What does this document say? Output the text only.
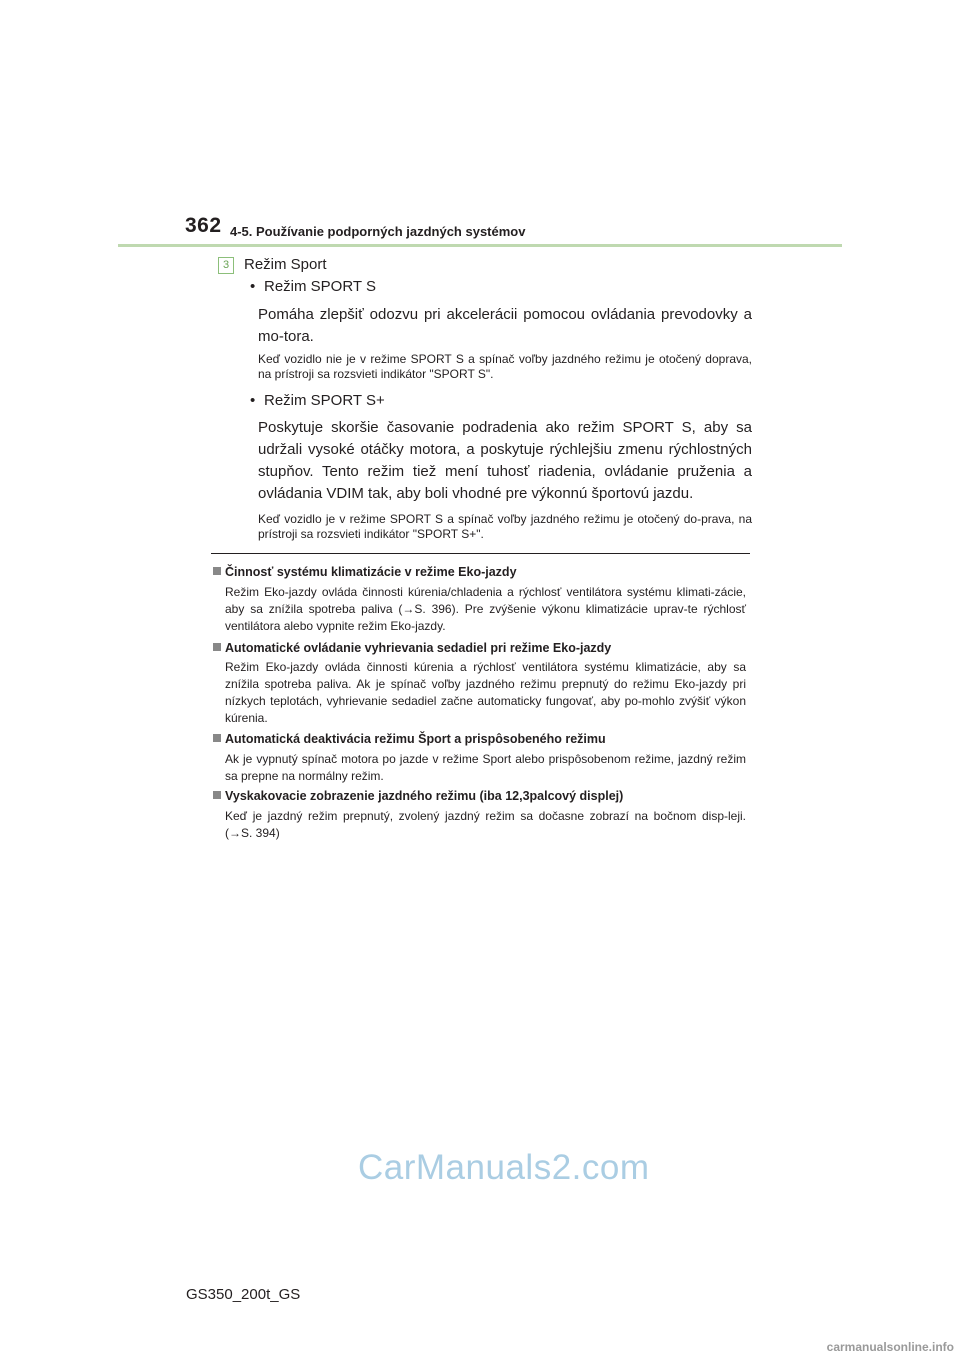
362 4-5. Používanie podporných jazdných systémov
3 Režim Sport
• Režim SPORT S
Pomáha zlepšiť odozvu pri akcelerácii pomocou ovládania prevodovky a mo-tora.
Keď vozidlo nie je v režime SPORT S a spínač voľby jazdného režimu je otočený doprava, na prístroji sa rozsvieti indikátor "SPORT S".
• Režim SPORT S+
Poskytuje skoršie časovanie podradenia ako režim SPORT S, aby sa udržali vysoké otáčky motora, a poskytuje rýchlejšiu zmenu rýchlostných stupňov. Tento režim tiež mení tuhosť riadenia, ovládanie pruženia a ovládania VDIM tak, aby boli vhodné pre výkonnú športovú jazdu.
Keď vozidlo je v režime SPORT S a spínač voľby jazdného režimu je otočený do-prava, na prístroji sa rozsvieti indikátor "SPORT S+".
Činnosť systému klimatizácie v režime Eko-jazdy
Režim Eko-jazdy ovláda činnosti kúrenia/chladenia a rýchlosť ventilátora systému klimati-zácie, aby sa znížila spotreba paliva (→S. 396). Pre zvýšenie výkonu klimatizácie uprav-te rýchlosť ventilátora alebo vypnite režim Eko-jazdy.
Automatické ovládanie vyhrievania sedadiel pri režime Eko-jazdy
Režim Eko-jazdy ovláda činnosti kúrenia a rýchlosť ventilátora systému klimatizácie, aby sa znížila spotreba paliva. Ak je spínač voľby jazdného režimu prepnutý do režimu Eko-jazdy pri nízkych teplotách, vyhrievanie sedadiel začne automaticky fungovať, aby po-mohlo zvýšiť výkon kúrenia.
Automatická deaktivácia režimu Šport a prispôsobeného režimu
Ak je vypnutý spínač motora po jazde v režime Sport alebo prispôsobenom režime, jazdný režim sa prepne na normálny režim.
Vyskakovacie zobrazenie jazdného režimu (iba 12,3palcový displej)
Keď je jazdný režim prepnutý, zvolený jazdný režim sa dočasne zobrazí na bočnom disp-leji. (→S. 394)
CarManuals2.com
GS350_200t_GS
carmanualsonline.info
